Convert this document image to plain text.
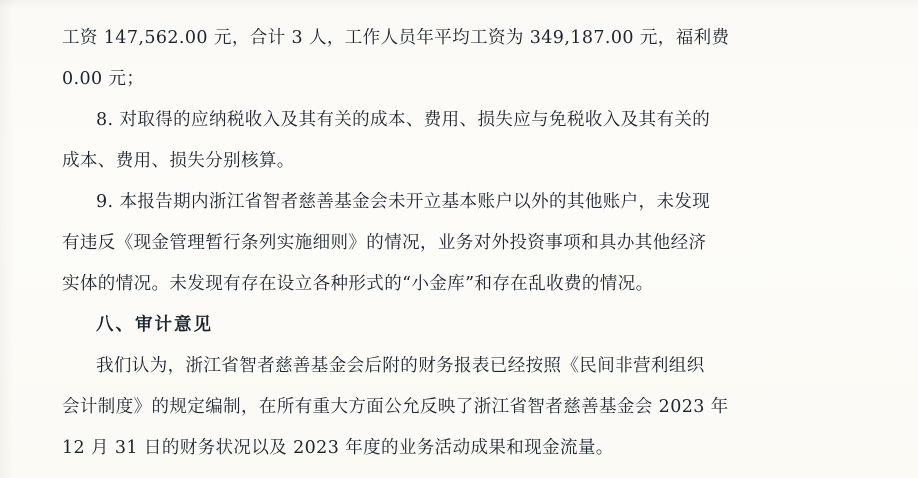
工资 147,562.00 元，合计 3 人，工作人员年平均工资为 349,187.00 元，福利费

0.00 元；

8. 对取得的应纳税收入及其有关的成本、费用、损失应与免税收入及其有关的

成本、费用、损失分别核算。

9. 本报告期内浙江省智者慈善基金会未开立基本账户以外的其他账户，未发现

有违反《现金管理暂行条列实施细则》的情况，业务对外投资事项和具办其他经济

实体的情况。未发现有存在设立各种形式的“小金库”和存在乱收费的情况。

八、审计意见

我们认为，浙江省智者慈善基金会后附的财务报表已经按照《民间非营利组织

会计制度》的规定编制，在所有重大方面公允反映了浙江省智者慈善基金会 2023 年

12 月 31 日的财务状况以及 2023 年度的业务活动成果和现金流量。
